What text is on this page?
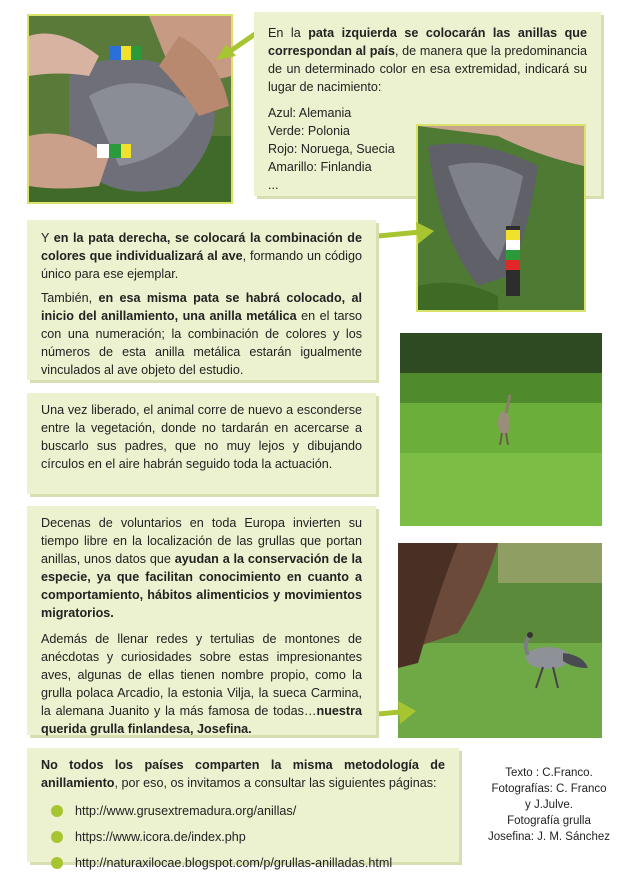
En la pata izquierda se colocarán las anillas que correspondan al país, de manera que la predominancia de un determinado color en esa extremidad, indicará su lugar de nacimiento:

Azul: Alemania
Verde: Polonia
Rojo: Noruega, Suecia
Amarillo: Finlandia
...

Y en la pata derecha, se colocará la combinación de colores que individualizará al ave, formando un código único para ese ejemplar.

También, en esa misma pata se habrá colocado, al inicio del anillamiento, una anilla metálica en el tarso con una numeración; la combinación de colores y los números de esta anilla metálica estarán igualmente vinculados al ave objeto del estudio.

Una vez liberado, el animal corre de nuevo a esconderse entre la vegetación, donde no tardarán en acercarse a buscarlo sus padres, que no muy lejos y dibujando círculos en el aire habrán seguido toda la actuación.

Decenas de voluntarios en toda Europa invierten su tiempo libre en la localización de las grullas que portan anillas, unos datos que ayudan a la conservación de la especie, ya que facilitan conocimiento en cuanto a comportamiento, hábitos alimenticios y movimientos migratorios.

Además de llenar redes y tertulias de montones de anécdotas y curiosidades sobre estas impresionantes aves, algunas de ellas tienen nombre propio, como la grulla polaca Arcadio, la estonia Vilja, la sueca Carmina, la alemana Juanito y la más famosa de todas…nuestra querida grulla finlandesa, Josefina.

No todos los países comparten la misma metodología de anillamiento, por eso, os invitamos a consultar las siguientes páginas:

http://www.grusextremadura.org/anillas/
https://www.icora.de/index.php
http://naturaxilocae.blogspot.com/p/grullas-anilladas.html
Texto : C.Franco.
Fotografías: C. Franco
y J.Julve.
Fotografía grulla
Josefina: J. M. Sánchez
